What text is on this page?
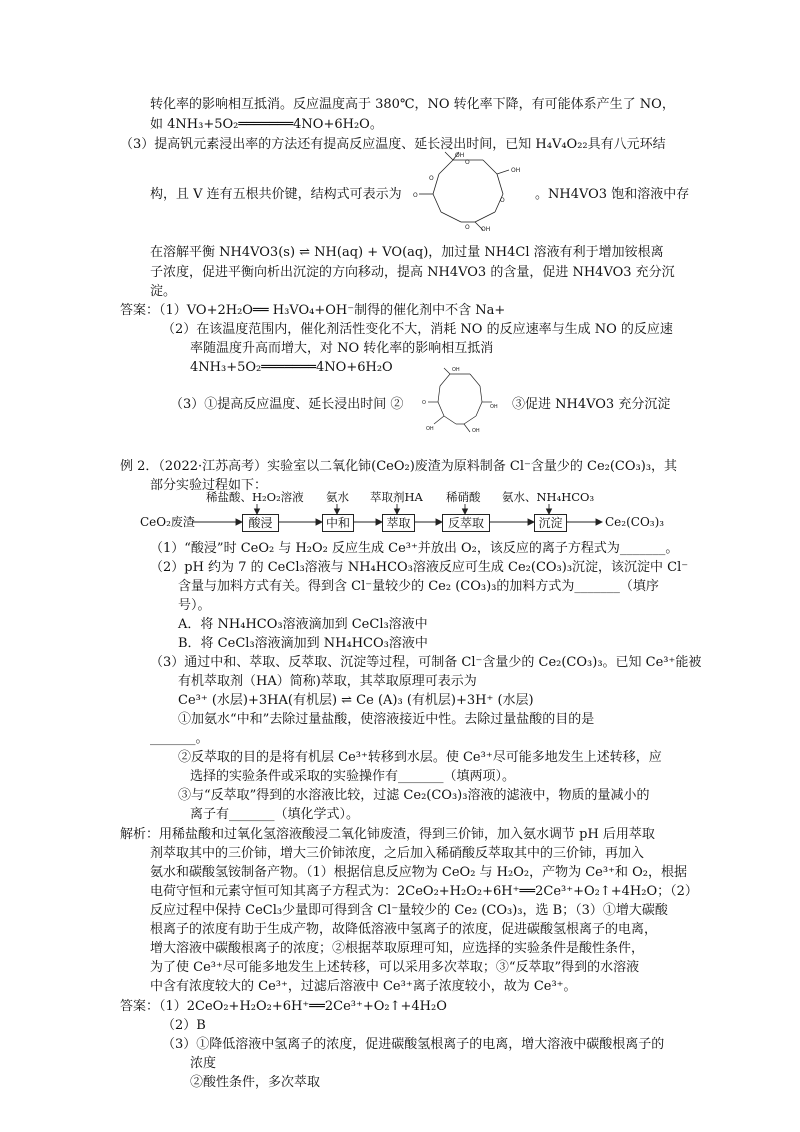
转化率的影响相互抵消。反应温度高于 380℃，NO 转化率下降，有可能体系产生了 NO，
如 4NH₃+5O₂═══════4NO+6H₂O。
（3）提高钒元素浸出率的方法还有提高反应温度、延长浸出时间，已知 H₄V₄O₂₂具有八元环结
OH
OH
O
OH
O
O
O
O
构，且 V 连有五根共价键，结构式可表示为	。NH4VO3 饱和溶液中存
在溶解平衡 NH4VO3(s) ⇌ NH(aq) + VO(aq)，加过量 NH4Cl 溶液有利于增加铵根离
子浓度，促进平衡向析出沉淀的方向移动，提高 NH4VO3 的含量，促进 NH4VO3 充分沉
淀。
答案：（1）VO+2H₂O══ H₃VO₄+OH⁻制得的催化剂中不含 Na+
（2）在该温度范围内，催化剂活性变化不大，消耗 NO 的反应速率与生成 NO 的反应速
率随温度升高而增大，对 NO 转化率的影响相互抵消
4NH₃+5O₂═══════4NO+6H₂O
（3）①提高反应温度、延长浸出时间 ②
OH
O
OH
OH	OH
③促进 NH4VO3 充分沉淀
例 2．（2022·江苏高考）实验室以二氧化铈(CeO₂)废渣为原料制备 Cl⁻含量少的 Ce₂(CO₃)₃，其
部分实验过程如下：
CeO₂废渣
稀盐酸、H₂O₂溶液
酸浸
氨水
中和
萃取剂HA
萃取
稀硝酸
反萃取
氨水、NH₄HCO₃
沉淀	Ce₂(CO₃)₃
（1）“酸浸”时 CeO₂ 与 H₂O₂ 反应生成 Ce³⁺并放出 O₂，该反应的离子方程式为_______。
（2）pH 约为 7 的 CeCl₃溶液与 NH₄HCO₃溶液反应可生成 Ce₂(CO₃)₃沉淀，该沉淀中 Cl⁻
含量与加料方式有关。得到含 Cl⁻量较少的 Ce₂ (CO₃)₃的加料方式为_______（填序
号）。
A．将 NH₄HCO₃溶液滴加到 CeCl₃溶液中
B．将 CeCl₃溶液滴加到 NH₄HCO₃溶液中
（3）通过中和、萃取、反萃取、沉淀等过程，可制备 Cl⁻含量少的 Ce₂(CO₃)₃。已知 Ce³⁺能被
有机萃取剂（HA）简称)萃取，其萃取原理可表示为
Ce³⁺ (水层)+3HA(有机层) ⇌ Ce (A)₃ (有机层)+3H⁺ (水层)
①加氨水“中和”去除过量盐酸，使溶液接近中性。去除过量盐酸的目的是
_______。
②反萃取的目的是将有机层 Ce³⁺转移到水层。使 Ce³⁺尽可能多地发生上述转移，应
选择的实验条件或采取的实验操作有_______（填两项）。
③与“反萃取”得到的水溶液比较，过滤 Ce₂(CO₃)₃溶液的滤液中，物质的量减小的
离子有_______（填化学式）。
解析：用稀盐酸和过氧化氢溶液酸浸二氧化铈废渣，得到三价铈，加入氨水调节 pH 后用萃取
剂萃取其中的三价铈，增大三价铈浓度，之后加入稀硝酸反萃取其中的三价铈，再加入
氨水和碳酸氢铵制备产物。（1）根据信息反应物为 CeO₂ 与 H₂O₂，产物为 Ce³⁺和 O₂，根据
电荷守恒和元素守恒可知其离子方程式为：2CeO₂+H₂O₂+6H⁺══2Ce³⁺+O₂↑+4H₂O；（2）
反应过程中保持 CeCl₃少量即可得到含 Cl⁻量较少的 Ce₂ (CO₃)₃，选 B；（3）①增大碳酸
根离子的浓度有助于生成产物，故降低溶液中氢离子的浓度，促进碳酸氢根离子的电离，
增大溶液中碳酸根离子的浓度；②根据萃取原理可知，应选择的实验条件是酸性条件，
为了使 Ce³⁺尽可能多地发生上述转移，可以采用多次萃取；③“反萃取”得到的水溶液
中含有浓度较大的 Ce³⁺，过滤后溶液中 Ce³⁺离子浓度较小，故为 Ce³⁺。
答案：（1）2CeO₂+H₂O₂+6H⁺══2Ce³⁺+O₂↑+4H₂O
（2）B
（3）①降低溶液中氢离子的浓度，促进碳酸氢根离子的电离，增大溶液中碳酸根离子的
浓度
②酸性条件，多次萃取
